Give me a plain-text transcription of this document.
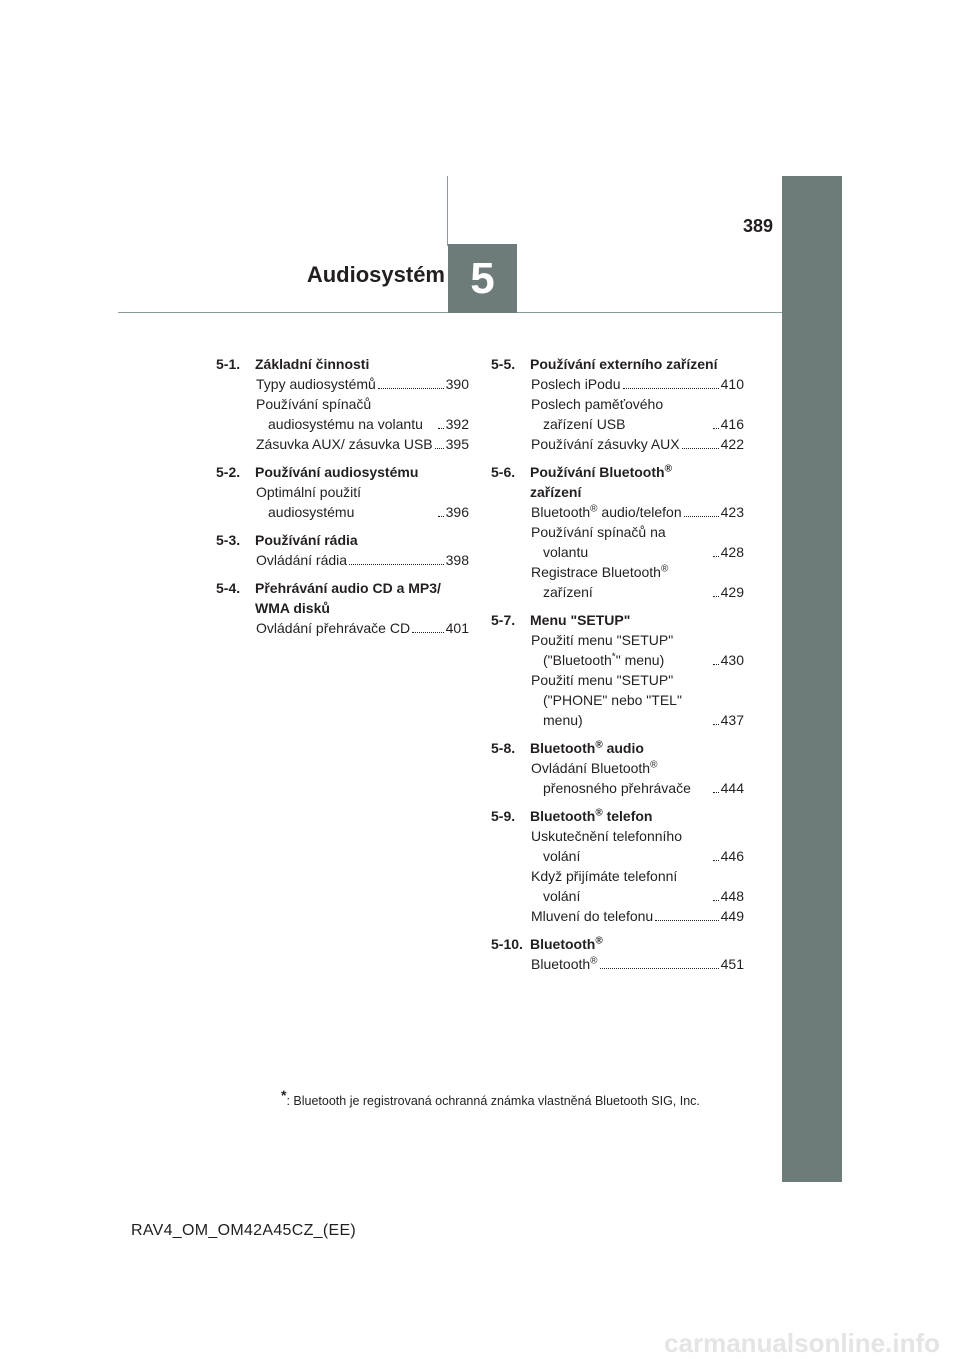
389
Audiosystém 5
5-1. Základní činnosti
Typy audiosystémů	390
Používání spínačů audiosystému na volantu	392
Zásuvka AUX/ zásuvka USB 395
5-2. Používání audiosystému
Optimální použití audiosystému	396
5-3. Používání rádia
Ovládání rádia	398
5-4. Přehrávání audio CD a MP3/ WMA disků
Ovládání přehrávače CD	401
5-5. Používání externího zařízení
Poslech iPodu	410
Poslech paměťového zařízení USB	416
Používání zásuvky AUX	422
5-6. Používání Bluetooth®
zařízení
Bluetooth® audio/telefon	423
Používání spínačů na volantu	428
Registrace Bluetooth® zařízení	429
5-7. Menu "SETUP"
Použití menu "SETUP" ("Bluetooth*" menu)	430
Použití menu "SETUP" ("PHONE" nebo "TEL" menu)	437
5-8. Bluetooth® audio
Ovládání Bluetooth® přenosného přehrávače	444
5-9. Bluetooth® telefon
Uskutečnění telefonního volání	446
Když přijímáte telefonní volání	448
Mluvení do telefonu	449
5-10. Bluetooth®
Bluetooth®	451
*: Bluetooth je registrovaná ochranná známka vlastněná Bluetooth SIG, Inc.
RAV4_OM_OM42A45CZ_(EE)
carmanualsonline.info
